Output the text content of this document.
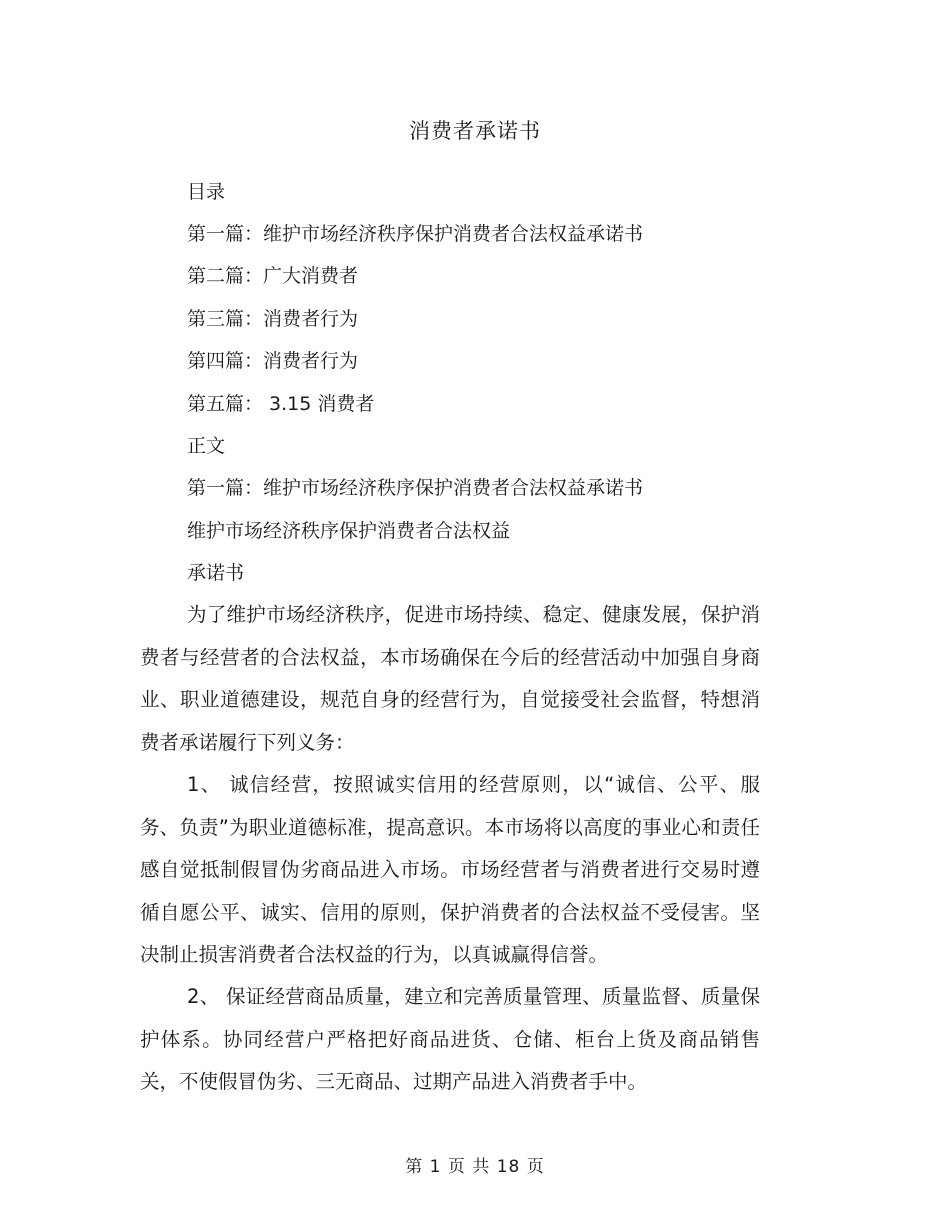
消费者承诺书
目录
第一篇：维护市场经济秩序保护消费者合法权益承诺书
第二篇：广大消费者
第三篇：消费者行为
第四篇：消费者行为
第五篇： 3.15 消费者
正文
第一篇：维护市场经济秩序保护消费者合法权益承诺书
维护市场经济秩序保护消费者合法权益
承诺书
为了维护市场经济秩序，促进市场持续、稳定、健康发展，保护消费者与经营者的合法权益，本市场确保在今后的经营活动中加强自身商业、职业道德建设，规范自身的经营行为，自觉接受社会监督，特想消费者承诺履行下列义务：
1、 诚信经营，按照诚实信用的经营原则，以“诚信、公平、服务、负责”为职业道德标准，提高意识。本市场将以高度的事业心和责任感自觉抵制假冒伪劣商品进入市场。市场经营者与消费者进行交易时遵循自愿公平、诚实、信用的原则，保护消费者的合法权益不受侵害。坚决制止损害消费者合法权益的行为，以真诚赢得信誉。
2、 保证经营商品质量，建立和完善质量管理、质量监督、质量保护体系。协同经营户严格把好商品进货、仓储、柜台上货及商品销售关，不使假冒伪劣、三无商品、过期产品进入消费者手中。
第 1 页 共 18 页
